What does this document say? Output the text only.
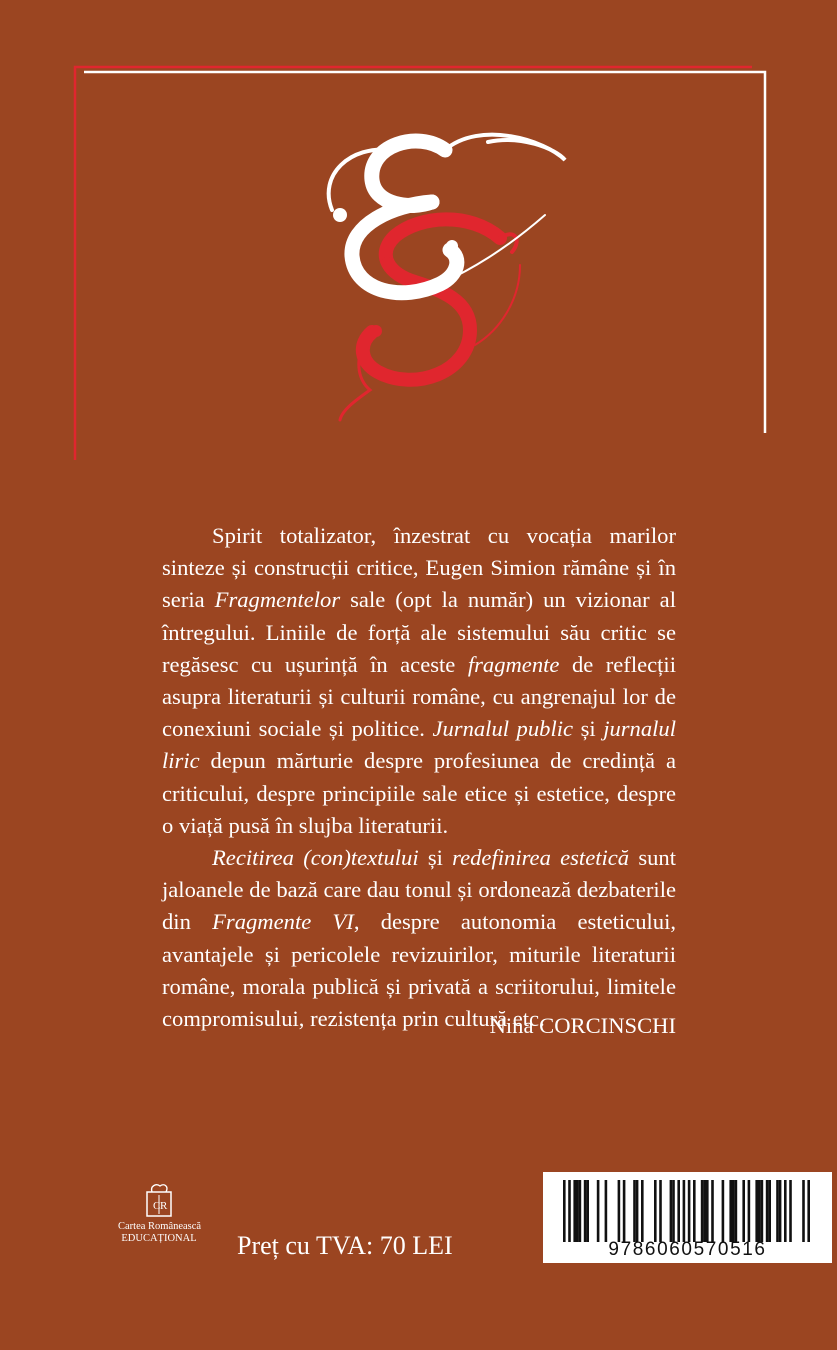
Spirit totalizator, înzestrat cu vocația marilor sinteze și construcții critice, Eugen Simion rămâne și în seria Fragmentelor sale (opt la număr) un vizionar al întregului. Liniile de forță ale sistemului său critic se regăsesc cu ușurință în aceste fragmente de reflecții asupra literaturii și culturii române, cu angrenajul lor de conexiuni sociale și politice. Jurnalul public și jurnalul liric depun mărturie despre profesiunea de credință a criticului, despre principiile sale etice și estetice, despre o viață pusă în slujba literaturii.

Recitirea (con)textului și redefinirea estetică sunt jaloanele de bază care dau tonul și ordonează dezbaterile din Fragmente VI, despre autonomia esteticului, avantajele și pericolele revizuirilor, miturile literaturii române, morala publică și privată a scriitorului, limitele compromisului, rezistența prin cultură etc.

Nina CORCINSCHI
C R
Cartea Românească
EDUCAȚIONAL Preț cu TVA: 70 LEI	9786060570516
